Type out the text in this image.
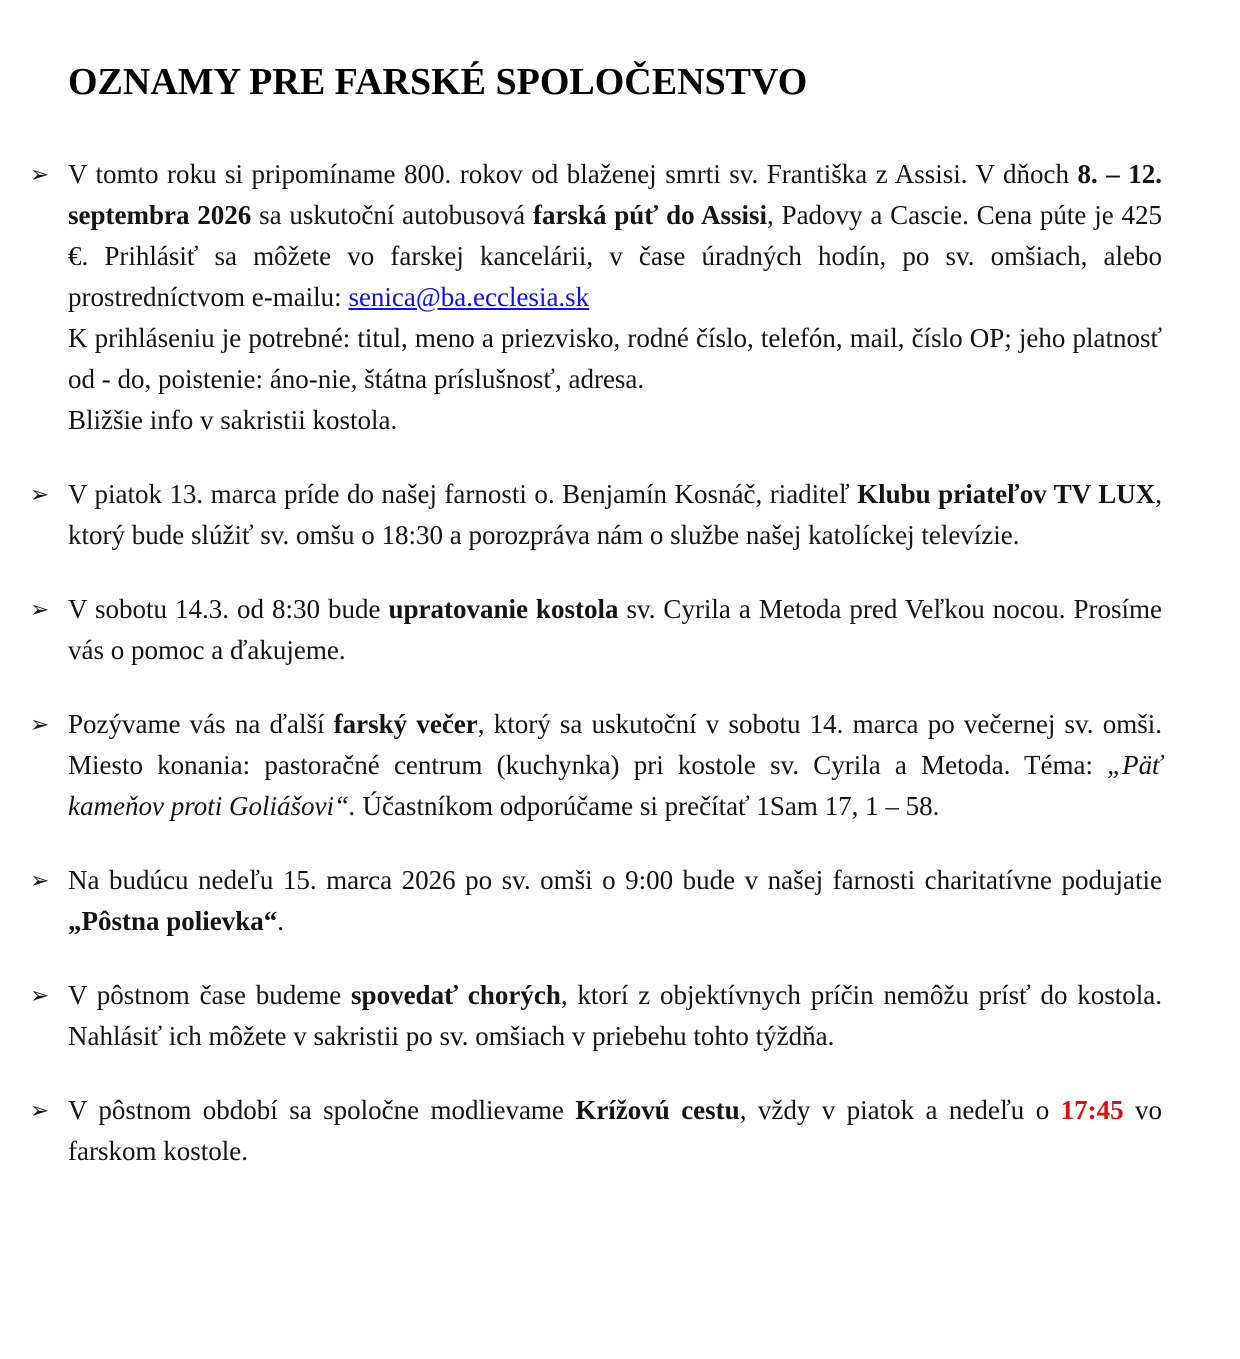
OZNAMY PRE FARSKÉ SPOLOČENSTVO
➢ V tomto roku si pripomíname 800. rokov od blaženej smrti sv. Františka z Assisi. V dňoch 8. – 12. septembra 2026 sa uskutoční autobusová farská púť do Assisi, Padovy a Cascie. Cena púte je 425 €. Prihlásiť sa môžete vo farskej kancelárii, v čase úradných hodín, po sv. omšiach, alebo prostredníctvom e-mailu: senica@ba.ecclesia.sk
K prihláseniu je potrebné: titul, meno a priezvisko, rodné číslo, telefón, mail, číslo OP; jeho platnosť od - do, poistenie: áno-nie, štátna príslušnosť, adresa.
Bližšie info v sakristii kostola.
➢ V piatok 13. marca príde do našej farnosti o. Benjamín Kosnáč, riaditeľ Klubu priateľov TV LUX, ktorý bude slúžiť sv. omšu o 18:30 a porozpráva nám o službe našej katolíckej televízie.
➢ V sobotu 14.3. od 8:30 bude upratovanie kostola sv. Cyrila a Metoda pred Veľkou nocou. Prosíme vás o pomoc a ďakujeme.
➢ Pozývame vás na ďalší farský večer, ktorý sa uskutoční v sobotu 14. marca po večernej sv. omši. Miesto konania: pastoračné centrum (kuchynka) pri kostole sv. Cyrila a Metoda. Téma: „Päť kameňov proti Goliášovi“. Účastníkom odporúčame si prečítať 1Sam 17, 1 – 58.
➢ Na budúcu nedeľu 15. marca 2026 po sv. omši o 9:00 bude v našej farnosti charitatívne podujatie „Pôstna polievka“.
➢ V pôstnom čase budeme spovedať chorých, ktorí z objektívnych príčin nemôžu prísť do kostola. Nahlásiť ich môžete v sakristii po sv. omšiach v priebehu tohto týždňa.
➢ V pôstnom období sa spoločne modlievame Krížovú cestu, vždy v piatok a nedeľu o 17:45 vo farskom kostole.
